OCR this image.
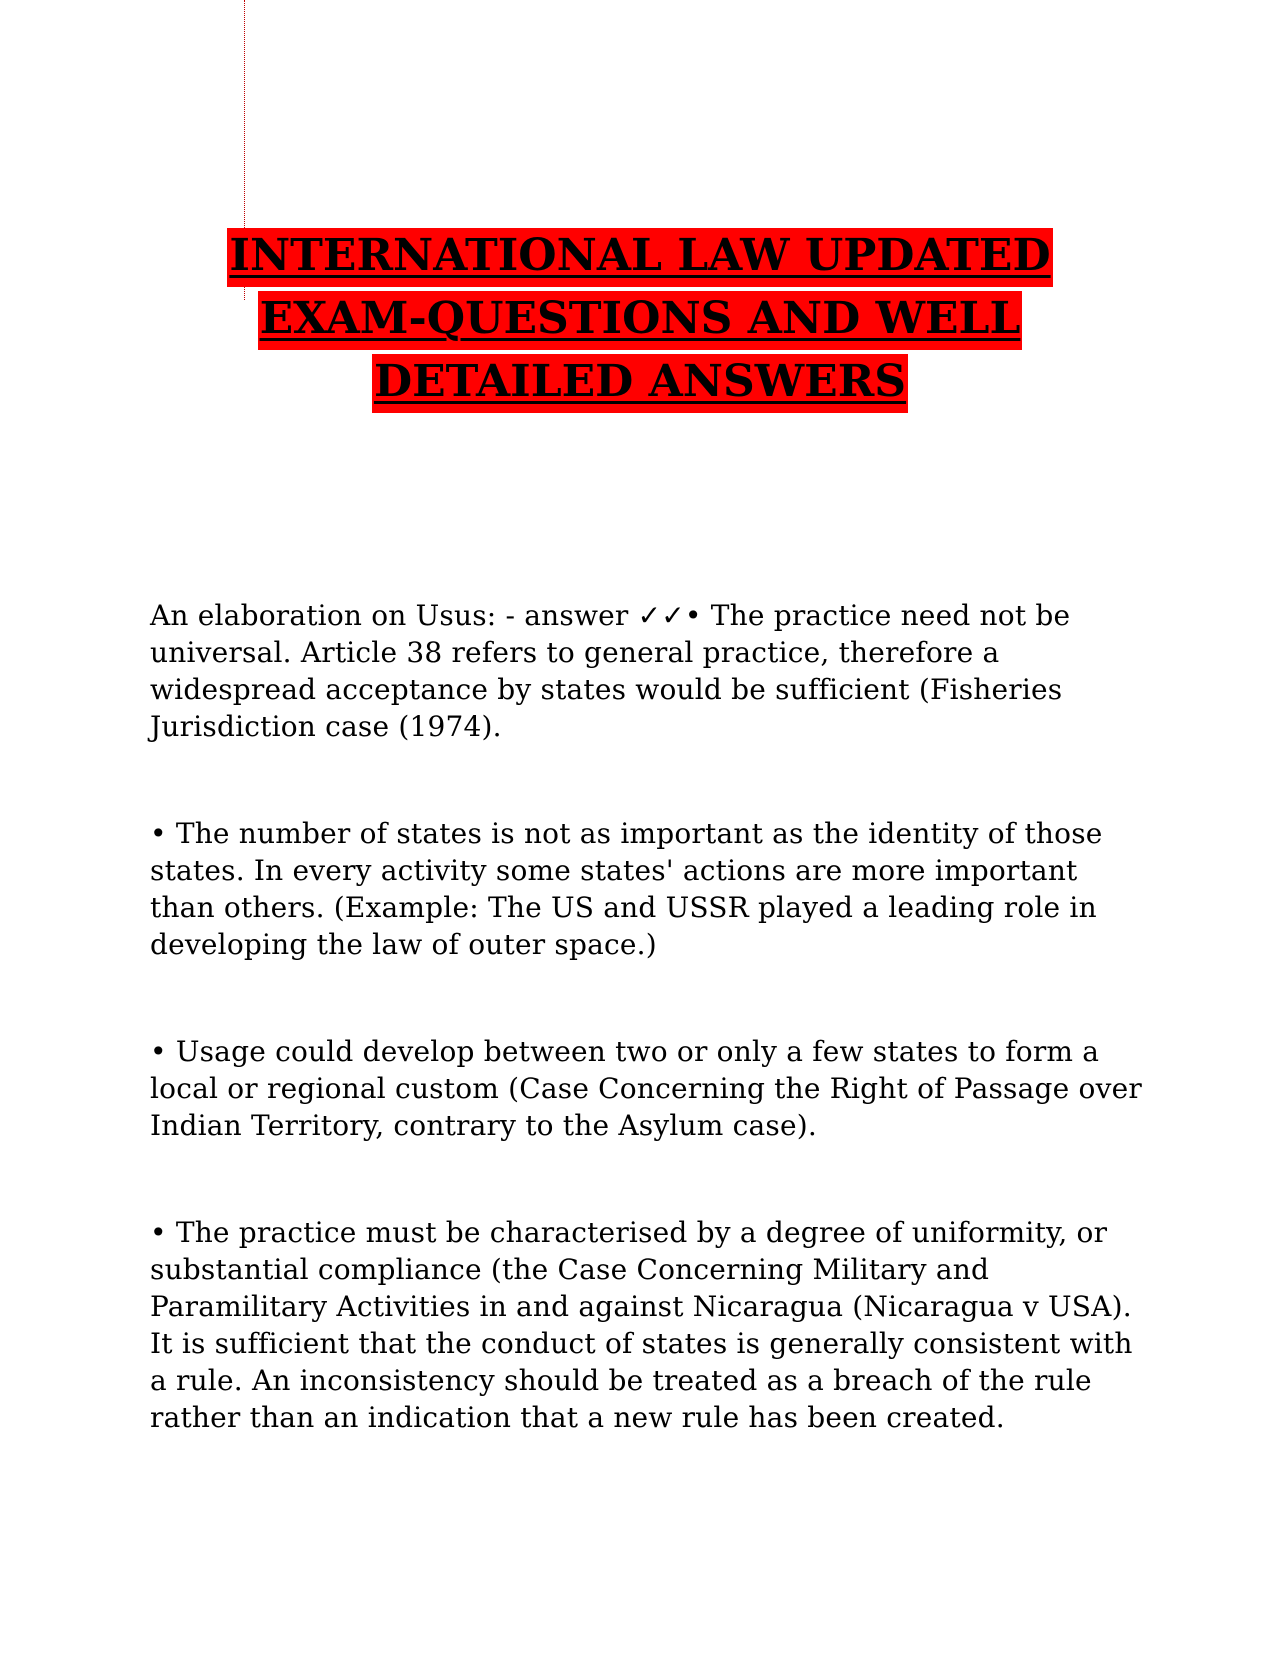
INTERNATIONAL LAW UPDATED
EXAM-QUESTIONS AND WELL
DETAILED ANSWERS

An elaboration on Usus: - answer ✓✓• The practice need not be universal. Article 38 refers to general practice, therefore a widespread acceptance by states would be sufficient (Fisheries Jurisdiction case (1974).

• The number of states is not as important as the identity of those states. In every activity some states' actions are more important than others. (Example: The US and USSR played a leading role in developing the law of outer space.)

• Usage could develop between two or only a few states to form a local or regional custom (Case Concerning the Right of Passage over Indian Territory, contrary to the Asylum case).

• The practice must be characterised by a degree of uniformity, or substantial compliance (the Case Concerning Military and Paramilitary Activities in and against Nicaragua (Nicaragua v USA). It is sufficient that the conduct of states is generally consistent with a rule. An inconsistency should be treated as a breach of the rule rather than an indication that a new rule has been created.
